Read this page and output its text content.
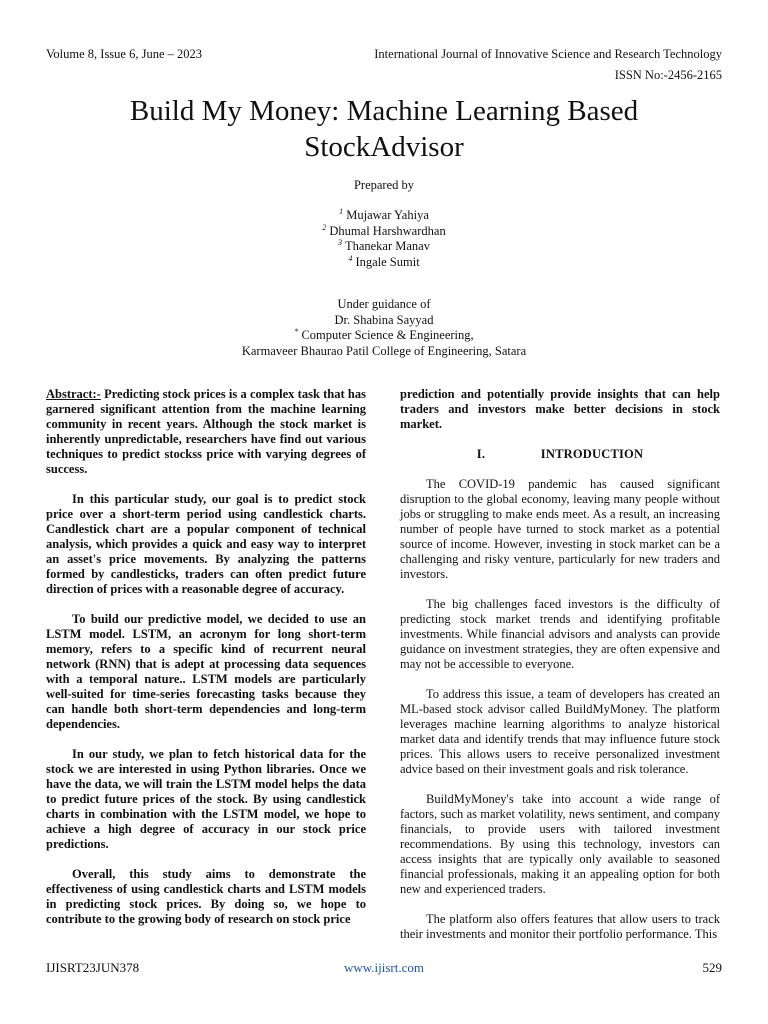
Volume 8, Issue 6, June – 2023	International Journal of Innovative Science and Research Technology
ISSN No:-2456-2165
Build My Money: Machine Learning Based
StockAdvisor
Prepared by
$^1$ Mujawar Yahiya
$^2$ Dhumal Harshwardhan
$^3$ Thanekar Manav
$^4$ Ingale Sumit
Under guidance of
Dr. Shabina Sayyad
* Computer Science & Engineering,
Karmaveer Bhaurao Patil College of Engineering, Satara

Abstract:- Predicting stock prices is a complex task that has garnered significant attention from the machine learning community in recent years. Although the stock market is inherently unpredictable, researchers have find out various techniques to predict stockss price with varying degrees of success.

In this particular study, our goal is to predict stock price over a short-term period using candlestick charts. Candlestick chart are a popular component of technical analysis, which provides a quick and easy way to interpret an asset's price movements. By analyzing the patterns formed by candlesticks, traders can often predict future direction of prices with a reasonable degree of accuracy.

To build our predictive model, we decided to use an LSTM model. LSTM, an acronym for long short-term memory, refers to a specific kind of recurrent neural network (RNN) that is adept at processing data sequences with a temporal nature.. LSTM models are particularly well-suited for time-series forecasting tasks because they can handle both short-term dependencies and long-term dependencies.

In our study, we plan to fetch historical data for the stock we are interested in using Python libraries. Once we have the data, we will train the LSTM model helps the data to predict future prices of the stock. By using candlestick charts in combination with the LSTM model, we hope to achieve a high degree of accuracy in our stock price predictions.

Overall, this study aims to demonstrate the effectiveness of using candlestick charts and LSTM models in predicting stock prices. By doing so, we hope to contribute to the growing body of research on stock price

prediction and potentially provide insights that can help traders and investors make better decisions in stock market.

I.	INTRODUCTION

The COVID-19 pandemic has caused significant disruption to the global economy, leaving many people without jobs or struggling to make ends meet. As a result, an increasing number of people have turned to stock market as a potential source of income. However, investing in stock market can be a challenging and risky venture, particularly for new traders and investors.

The big challenges faced investors is the difficulty of predicting stock market trends and identifying profitable investments. While financial advisors and analysts can provide guidance on investment strategies, they are often expensive and may not be accessible to everyone.

To address this issue, a team of developers has created an ML-based stock advisor called BuildMyMoney. The platform leverages machine learning algorithms to analyze historical market data and identify trends that may influence future stock prices. This allows users to receive personalized investment advice based on their investment goals and risk tolerance.

BuildMyMoney's take into account a wide range of factors, such as market volatility, news sentiment, and company financials, to provide users with tailored investment recommendations. By using this technology, investors can access insights that are typically only available to seasoned financial professionals, making it an appealing option for both new and experienced traders.

The platform also offers features that allow users to track their investments and monitor their portfolio performance. This

IJISRT23JUN378	www.ijisrt.com	529
